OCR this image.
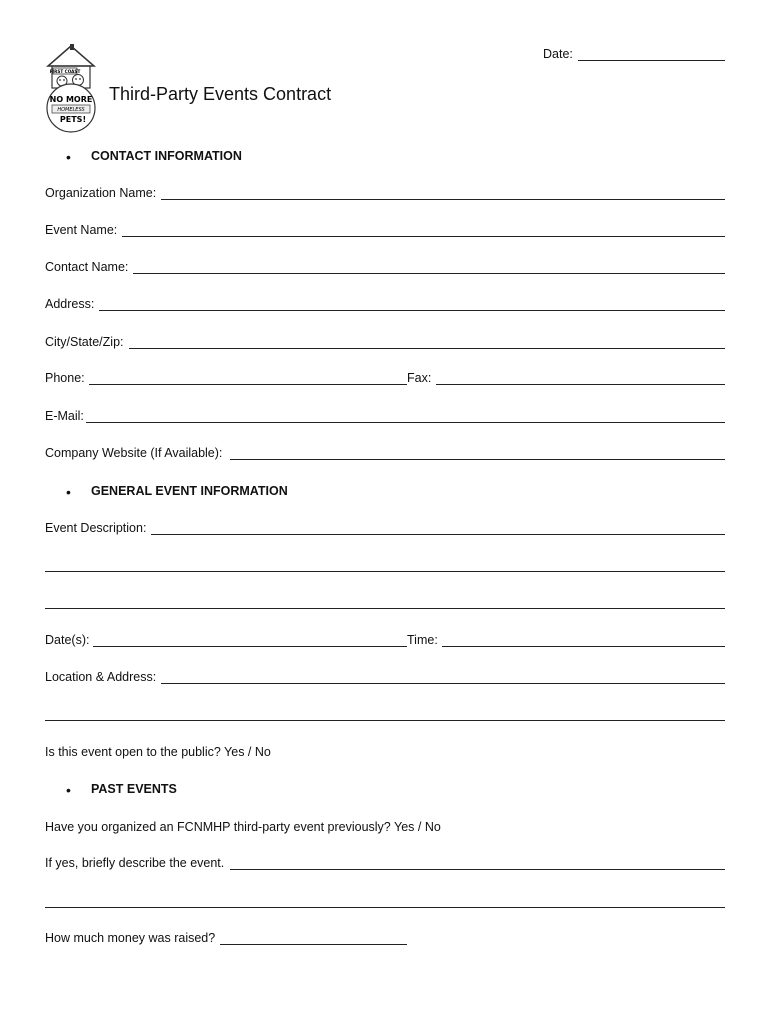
Date:
FIRST COAST
NO MORE
HOMELESS
PETS!
Third-Party Events Contract
• CONTACT INFORMATION
Organization Name:
Event Name:
Contact Name:
Address:
City/State/Zip:
Phone:	Fax:
E-Mail:
Company Website (If Available):
• GENERAL EVENT INFORMATION
Event Description:
Date(s):	Time:
Location & Address:
Is this event open to the public? Yes / No
• PAST EVENTS
Have you organized an FCNMHP third-party event previously? Yes / No
If yes, briefly describe the event.
How much money was raised?
